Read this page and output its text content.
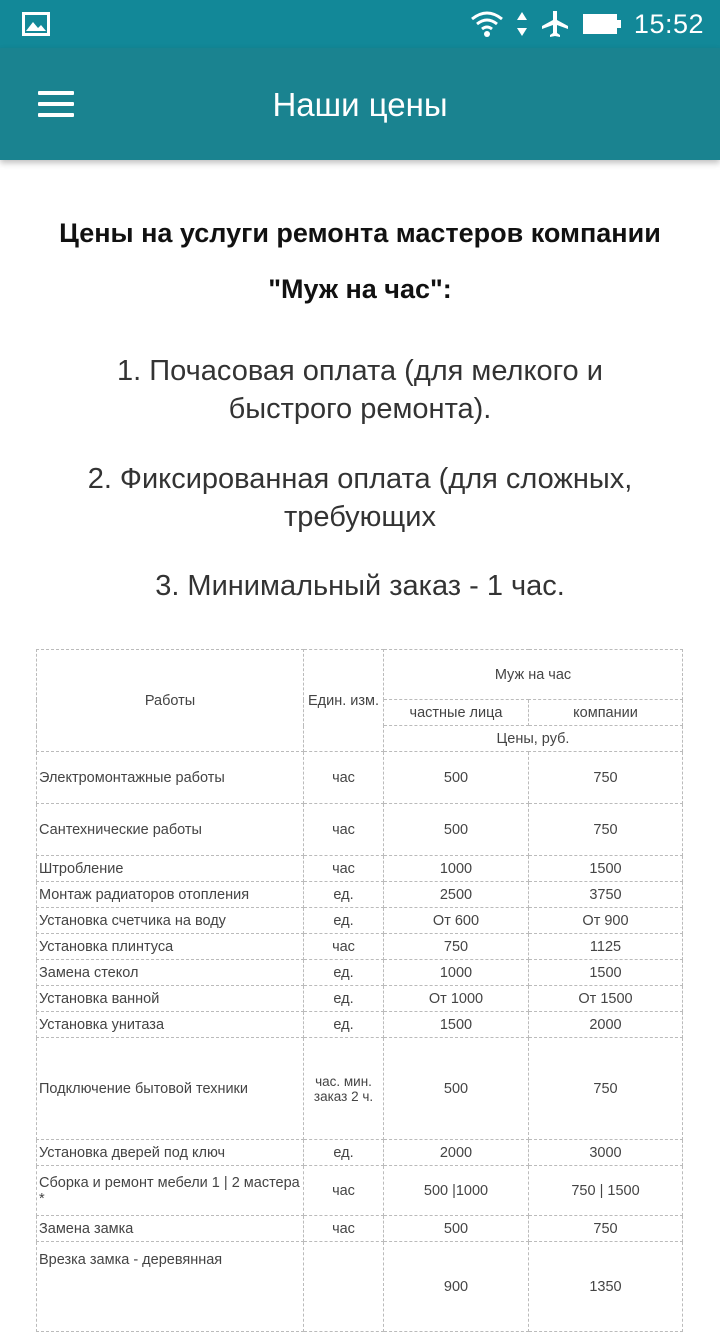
15:52
Наши цены
Цены на услуги ремонта мастеров компании
"Муж на час":
1. Почасовая оплата (для мелкого и
быстрого ремонта).
2. Фиксированная оплата (для сложных,
требующих
3. Минимальный заказ - 1 час.
Работы	Един. изм.	Муж на час	
		частные лица	компании
		Цены, руб.	
Электромонтажные работы	час	500	750
Сантехнические работы	час	500	750
Штробление	час	1000	1500
Монтаж радиаторов отопления	ед.	2500	3750
Установка счетчика на воду	ед.	От 600	От 900
Установка плинтуса	час	750	1125
Замена стекол	ед.	1000	1500
Установка ванной	ед.	От 1000	От 1500
Установка унитаза	ед.	1500	2000
Подключение бытовой техники	час. мин. заказ 2 ч.	500	750
Установка дверей под ключ	ед.	2000	3000
Сборка и ремонт мебели 1 | 2 мастера *	час	500 |1000	750 | 1500
Замена замка	час	500	750
Врезка замка - деревянная		900	1350
